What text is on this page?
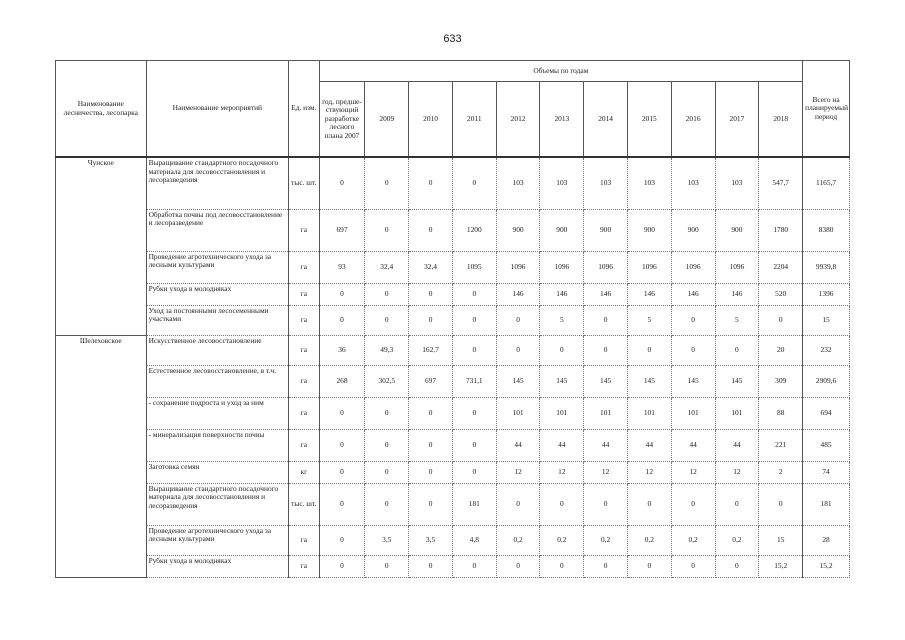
633
Наименование лесничества, лесопарка	Наименование мероприятий	Ед. изм.	Объемы по годам											Всего на планируемый период
			год, предше-ствующий разработке лесного плана 2007	2009	2010	2011	2012	2013	2014	2015	2016	2017	2018	
Чунское	Выращивание стандартного посадочного материала для лесовосстановления и лесоразведения	тыс. шт.	0	0	0	0	103	103	103	103	103	103	547,7	1165,7
	Обработка почвы под лесовосстановление и лесоразведение	га	697	0	0	1200	900	900	900	900	900	900	1780	8380
	Проведение агротехнического ухода за лесными культурами	га	93	32,4	32,4	1095	1096	1096	1096	1096	1096	1096	2204	9939,8
	Рубки ухода в молодняках	га	0	0	0	0	146	146	146	146	146	146	520	1396
	Уход за постоянными лесосеменными участками	га	0	0	0	0	0	5	0	5	0	5	0	15
Шелеховское	Искусственное лесовосстановление	га	36	49,3	162,7	0	0	0	0	0	0	0	20	232
	Естественное лесовосстановление, в т.ч.	га	268	302,5	697	731,1	145	145	145	145	145	145	309	2909,6
	- сохранение подроста и уход за ним	га	0	0	0	0	101	101	101	101	101	101	88	694
	- минерализация поверхности почвы	га	0	0	0	0	44	44	44	44	44	44	221	485
	Заготовка семян	кг	0	0	0	0	12	12	12	12	12	12	2	74
	Выращивание стандартного посадочного материала для лесовосстановления и лесоразведения	тыс. шт.	0	0	0	181	0	0	0	0	0	0	0	181
	Проведение агротехнического ухода за лесными культурами	га	0	3,5	3,5	4,8	0,2	0,2	0,2	0,2	0,2	0,2	15	28
	Рубки ухода в молодняках	га	0	0	0	0	0	0	0	0	0	0	15,2	15,2
